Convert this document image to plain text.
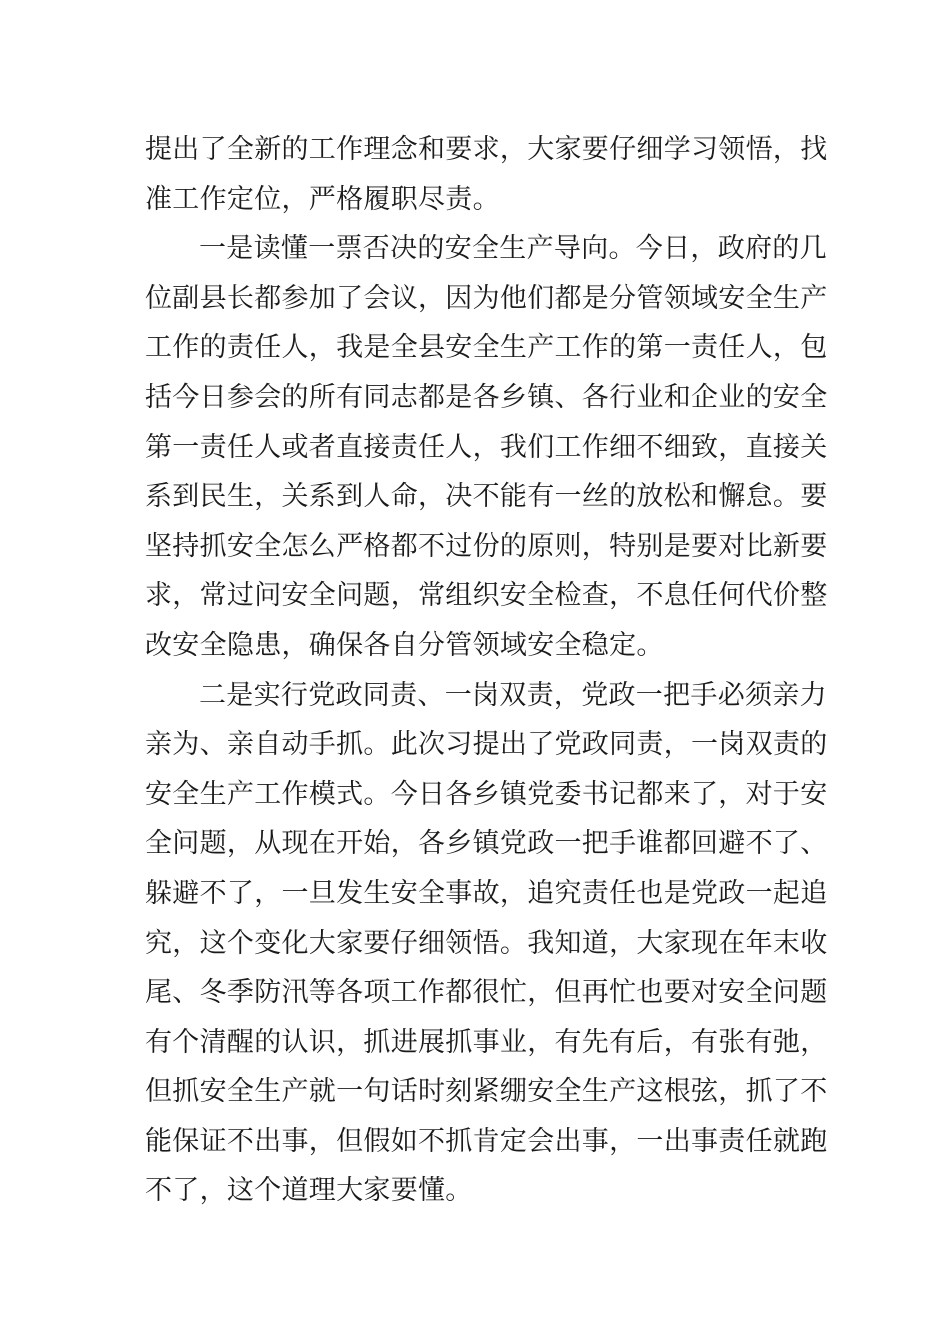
提出了全新的工作理念和要求，大家要仔细学习领悟，找
准工作定位，严格履职尽责。
一是读懂一票否决的安全生产导向。今日，政府的几
位副县长都参加了会议，因为他们都是分管领域安全生产
工作的责任人，我是全县安全生产工作的第一责任人，包
括今日参会的所有同志都是各乡镇、各行业和企业的安全
第一责任人或者直接责任人，我们工作细不细致，直接关
系到民生，关系到人命，决不能有一丝的放松和懈怠。要
坚持抓安全怎么严格都不过份的原则，特别是要对比新要
求，常过问安全问题，常组织安全检查，不息任何代价整
改安全隐患，确保各自分管领域安全稳定。
二是实行党政同责、一岗双责，党政一把手必须亲力
亲为、亲自动手抓。此次习提出了党政同责，一岗双责的
安全生产工作模式。今日各乡镇党委书记都来了，对于安
全问题，从现在开始，各乡镇党政一把手谁都回避不了、
躲避不了，一旦发生安全事故，追究责任也是党政一起追
究，这个变化大家要仔细领悟。我知道，大家现在年末收
尾、冬季防汛等各项工作都很忙，但再忙也要对安全问题
有个清醒的认识，抓进展抓事业，有先有后，有张有弛，
但抓安全生产就一句话时刻紧绷安全生产这根弦，抓了不
能保证不出事，但假如不抓肯定会出事，一出事责任就跑
不了，这个道理大家要懂。
